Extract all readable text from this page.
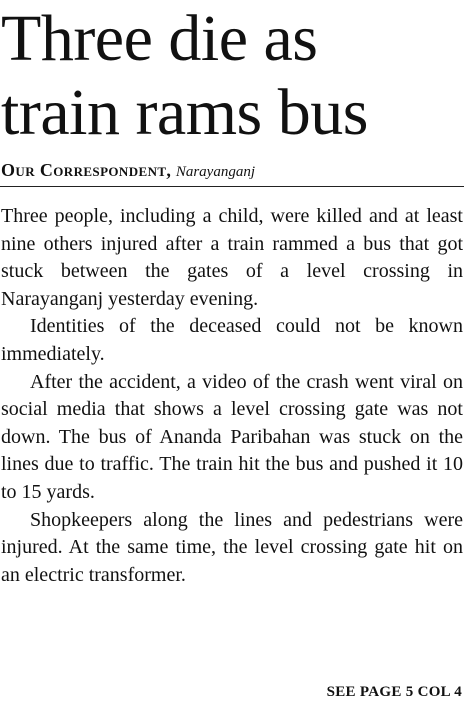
Three die as
train rams bus
Our Correspondent, Narayanganj

Three people, including a child, were killed and at least nine others injured after a train rammed a bus that got stuck between the gates of a level crossing in Narayanganj yesterday evening.

Identities of the deceased could not be known immediately.

After the accident, a video of the crash went viral on social media that shows a level crossing gate was not down. The bus of Ananda Paribahan was stuck on the lines due to traffic. The train hit the bus and pushed it 10 to 15 yards.

Shopkeepers along the lines and pedestrians were injured. At the same time, the level crossing gate hit on an electric transformer.

SEE PAGE 5 COL 4
